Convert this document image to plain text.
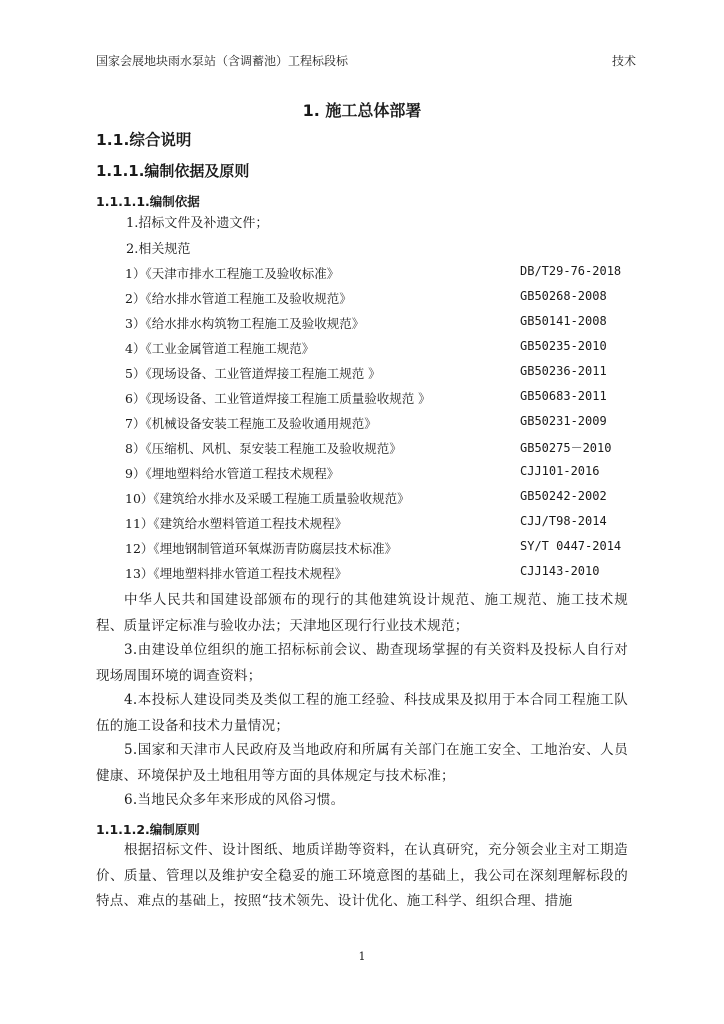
国家会展地块雨水泵站（含调蓄池）工程标段标	技术
1. 施工总体部署
1.1.综合说明
1.1.1.编制依据及原则
1.1.1.1.编制依据
1.招标文件及补遗文件；
2.相关规范
1）《天津市排水工程施工及验收标准》	DB/T29-76-2018
2）《给水排水管道工程施工及验收规范》	GB50268-2008
3）《给水排水构筑物工程施工及验收规范》	GB50141-2008
4）《工业金属管道工程施工规范》	GB50235-2010
5）《现场设备、工业管道焊接工程施工规范 》	GB50236-2011
6）《现场设备、工业管道焊接工程施工质量验收规范 》	GB50683-2011
7）《机械设备安装工程施工及验收通用规范》	GB50231-2009
8）《压缩机、风机、泵安装工程施工及验收规范》	GB50275－2010
9）《埋地塑料给水管道工程技术规程》	CJJ101-2016
10）《建筑给水排水及采暖工程施工质量验收规范》	GB50242-2002
11）《建筑给水塑料管道工程技术规程》	CJJ/T98-2014
12）《埋地钢制管道环氧煤沥青防腐层技术标准》	SY/T 0447-2014
13）《埋地塑料排水管道工程技术规程》	CJJ143-2010
中华人民共和国建设部颁布的现行的其他建筑设计规范、施工规范、施工技术规程、质量评定标准与验收办法；天津地区现行行业技术规范；
3.由建设单位组织的施工招标标前会议、勘查现场掌握的有关资料及投标人自行对现场周围环境的调查资料；
4.本投标人建设同类及类似工程的施工经验、科技成果及拟用于本合同工程施工队伍的施工设备和技术力量情况；
5.国家和天津市人民政府及当地政府和所属有关部门在施工安全、工地治安、人员健康、环境保护及土地租用等方面的具体规定与技术标准；
6.当地民众多年来形成的风俗习惯。
1.1.1.2.编制原则
根据招标文件、设计图纸、地质详勘等资料，在认真研究，充分领会业主对工期造价、质量、管理以及维护安全稳妥的施工环境意图的基础上，我公司在深刻理解标段的特点、难点的基础上，按照“技术领先、设计优化、施工科学、组织合理、措施
1
